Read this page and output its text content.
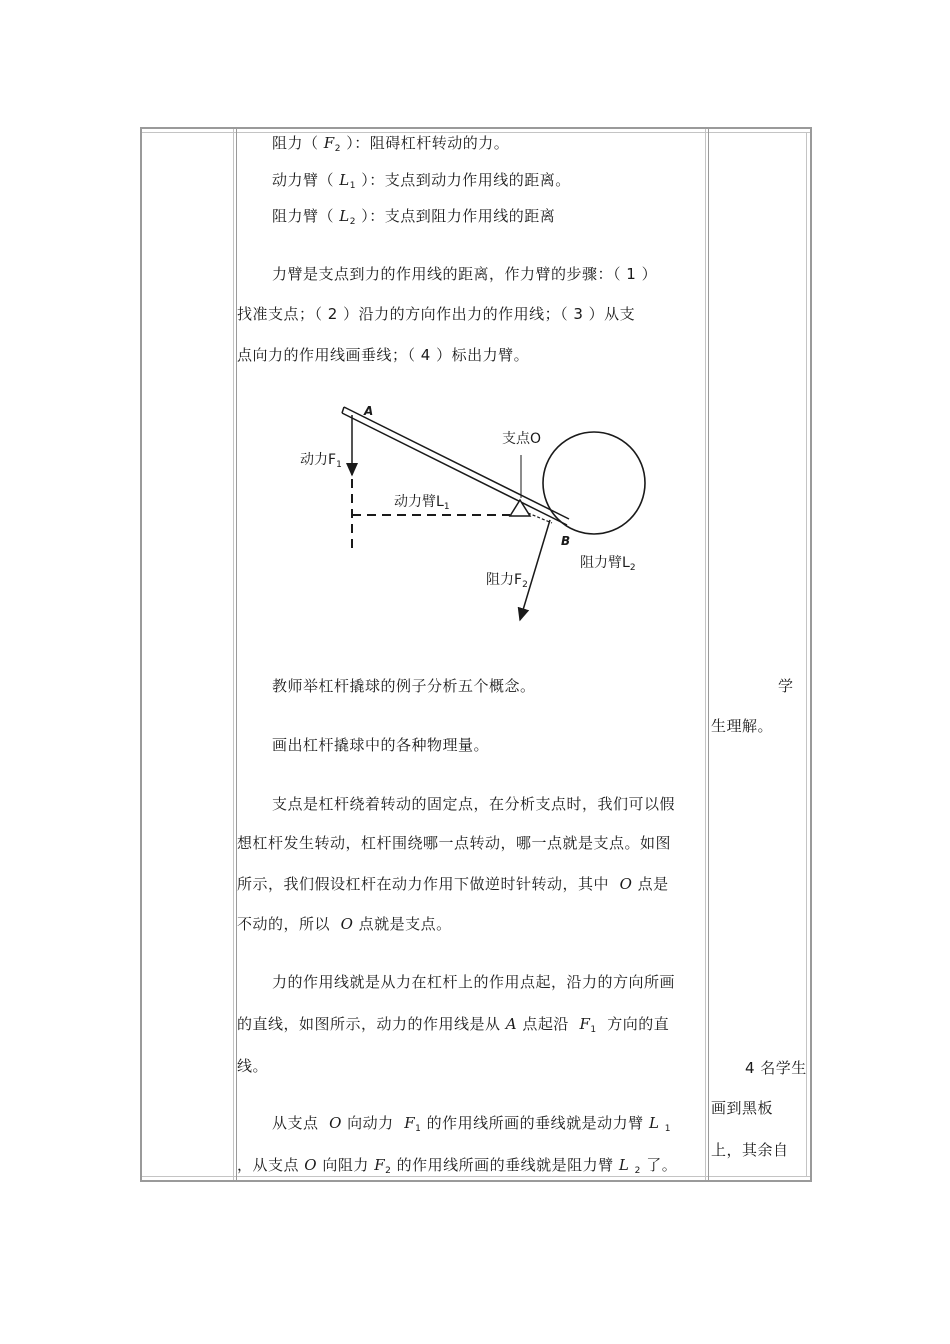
阻力（ $F_2$ ）：阻碍杠杆转动的力。
动力臂（ $L_1$ ）：支点到动力作用线的距离。
阻力臂（ $L_2$ ）：支点到阻力作用线的距离
力臂是支点到力的作用线的距离，作力臂的步骤：（ 1 ）
找准支点；（ 2 ）沿力的方向作出力的作用线；（ 3 ）从支
点向力的作用线画垂线；（ 4 ）标出力臂。
A
B
支点O
动力$F_1$
动力臂$L_1$
阻力$F_2$
阻力臂$L_2$
教师举杠杆撬球的例子分析五个概念。
画出杠杆撬球中的各种物理量。
支点是杠杆绕着转动的固定点，在分析支点时，我们可以假
想杠杆发生转动，杠杆围绕哪一点转动，哪一点就是支点。如图
所示，我们假设杠杆在动力作用下做逆时针转动，其中 O 点是
不动的，所以 O 点就是支点。
力的作用线就是从力在杠杆上的作用点起，沿力的方向所画
的直线，如图所示，动力的作用线是从 A 点起沿 $F_1$ 方向的直
线。
从支点 O 向动力 $F_1$ 的作用线所画的垂线就是动力臂 L $_1$
，从支点 O 向阻力 $F_2$ 的作用线所画的垂线就是阻力臂 L $_2$ 了。
学
生理解。
4 名学生
画到黑板
上，其余自
